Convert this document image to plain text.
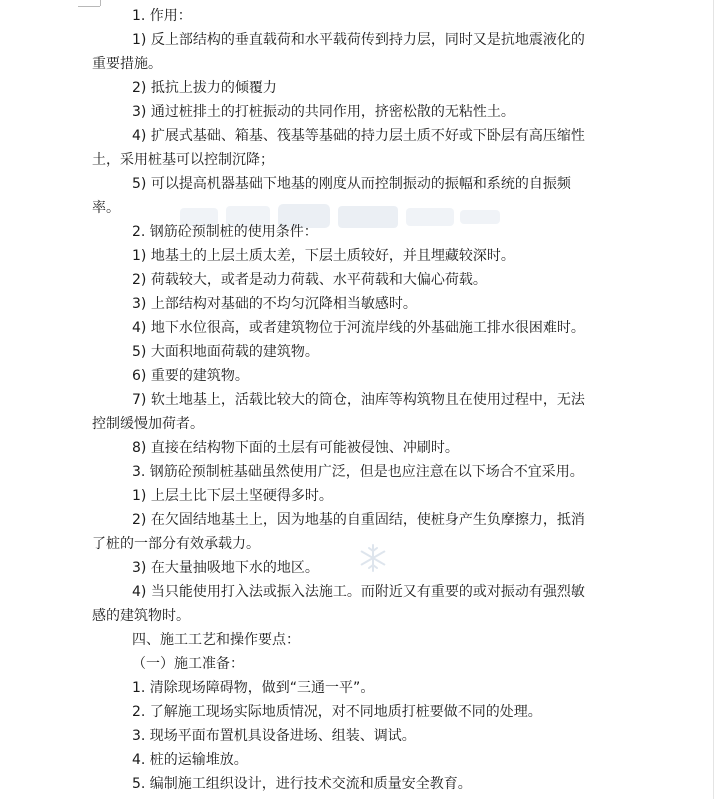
1. 作用：
1) 反上部结构的垂直载荷和水平载荷传到持力层，同时又是抗地震液化的
重要措施。
2) 抵抗上拔力的倾覆力
3) 通过桩排土的打桩振动的共同作用，挤密松散的无粘性土。
4) 扩展式基础、箱基、筏基等基础的持力层土质不好或下卧层有高压缩性
土，采用桩基可以控制沉降；
5) 可以提高机器基础下地基的刚度从而控制振动的振幅和系统的自振频
率。
2. 钢筋砼预制桩的使用条件：
1) 地基土的上层土质太差，下层土质较好，并且埋藏较深时。
2) 荷载较大，或者是动力荷载、水平荷载和大偏心荷载。
3) 上部结构对基础的不均匀沉降相当敏感时。
4) 地下水位很高，或者建筑物位于河流岸线的外基础施工排水很困难时。
5) 大面积地面荷载的建筑物。
6) 重要的建筑物。
7) 软土地基上，活载比较大的筒仓，油库等构筑物且在使用过程中，无法
控制缓慢加荷者。
8) 直接在结构物下面的土层有可能被侵蚀、冲刷时。
3. 钢筋砼预制桩基础虽然使用广泛，但是也应注意在以下场合不宜采用。
1) 上层土比下层土坚硬得多时。
2) 在欠固结地基土上，因为地基的自重固结，使桩身产生负摩擦力，抵消
了桩的一部分有效承载力。
3) 在大量抽吸地下水的地区。
4) 当只能使用打入法或振入法施工。而附近又有重要的或对振动有强烈敏
感的建筑物时。
四、施工工艺和操作要点：
（一）施工准备：
1. 清除现场障碍物，做到“三通一平”。
2. 了解施工现场实际地质情况，对不同地质打桩要做不同的处理。
3. 现场平面布置机具设备进场、组装、调试。
4. 桩的运输堆放。
5. 编制施工组织设计，进行技术交流和质量安全教育。
